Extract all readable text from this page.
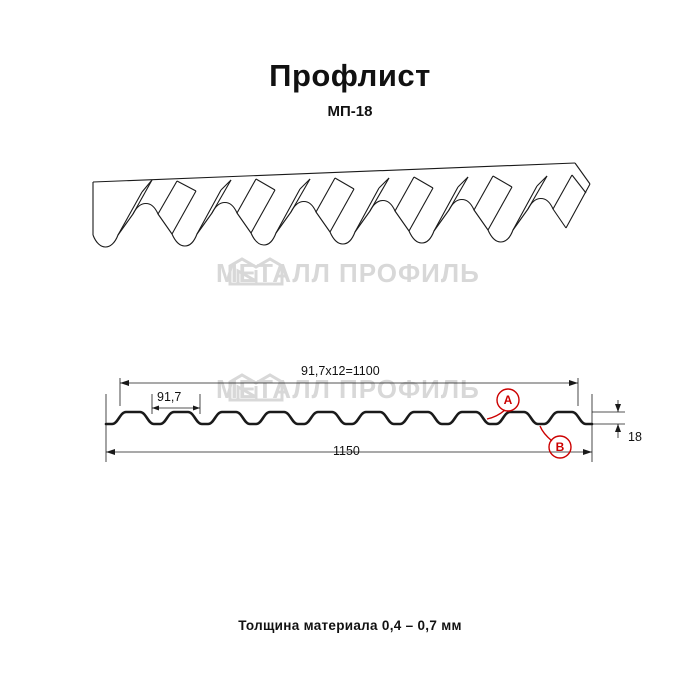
Профлист
МП-18
МЕТАЛЛ ПРОФИЛЬ
МЕТАЛЛ ПРОФИЛЬ
91,7x12=1100
91,7
1150
18
A
B
Толщина материала 0,4 – 0,7 мм
